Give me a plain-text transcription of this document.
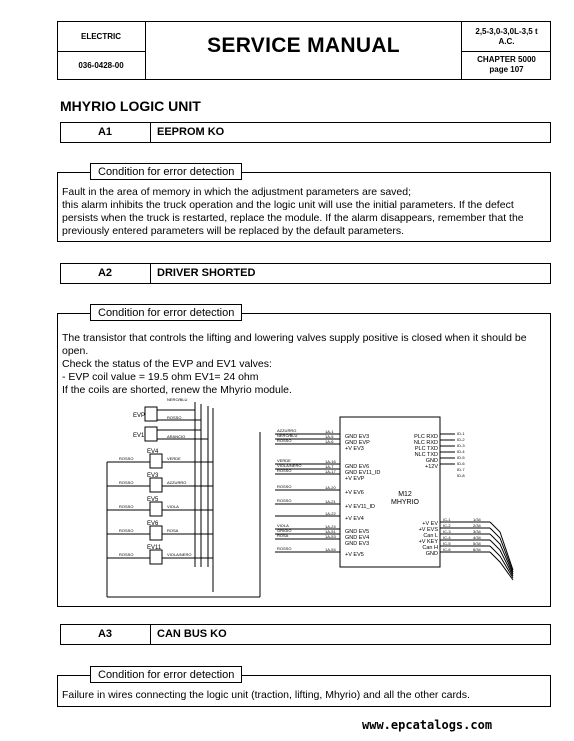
ELECTRIC
036-0428-00
SERVICE MANUAL
2,5-3,0-3,0L-3,5 t
A.C.
CHAPTER 5000
page 107
MHYRIO LOGIC UNIT
A1	EEPROM KO
Condition for error detection

Fault in the area of memory in which the adjustment parameters are saved;

this alarm inhibits the truck operation and the logic unit will use the initial parameters. If the defect

persists when the truck is restarted, replace the module. If the alarm disappears, remember that the

previously entered parameters will be replaced by the default parameters.

A2	DRIVER SHORTED
Condition for error detection

The transistor that controls the lifting and lowering valves supply positive is closed when it should be

open.

Check the status of the EVP and EV1 valves:

- EVP coil value = 19.5 ohm EV1= 24 ohm

If the coils are shorted, renew the Mhyrio module.

EVP
EV1
EV4
EV3
EV5
EV6
EV11
NERO/BLU
ROSSO
ARANCIO
ROSSO	VERDE
ROSSO	AZZURRO
ROSSO	VIOLA
ROSSO	ROSA
ROSSO	VIOLA/NERO
AZZURRO
NERO/BLU
ROSSO
VERDE
VIOLA/NERO
ROSSO
ROSSO
ROSSO
VIOLA
GRIGIO
ROSA
ROSSO
1A-1
1A-5
1A-6
1A-16
1A-7
1A-17
1A-20
1A-21
1A-22
1A-24
1A-51
1A-53
1A-54
ID-1
ID-2
ID-3
ID-4
ID-5
ID-6
ID-7
ID-8
IC-1
IC-2
IC-3
IC-4
IC-5
IC-6
1/34
2/34
3/34
4/34
5/34
6/34
GND EV3
GND EVP
+V EV3
GND EV6
GND EV11_ID
+V EVP
+V EV6
+V EV11_ID
+V EV4
GND EV5
GND EV4
GND EV3
+V EV5
PLC RXD
NLC RXD
PLC TXD
NLC TXD
GND
+12V
+V EV
+V EVS
Can L
+V KEY
Can H
GND
M12
MHYRIO
A3	CAN BUS KO
Condition for error detection

Failure in wires connecting the logic unit (traction, lifting, Mhyrio) and all the other cards.

www.epcatalogs.com
